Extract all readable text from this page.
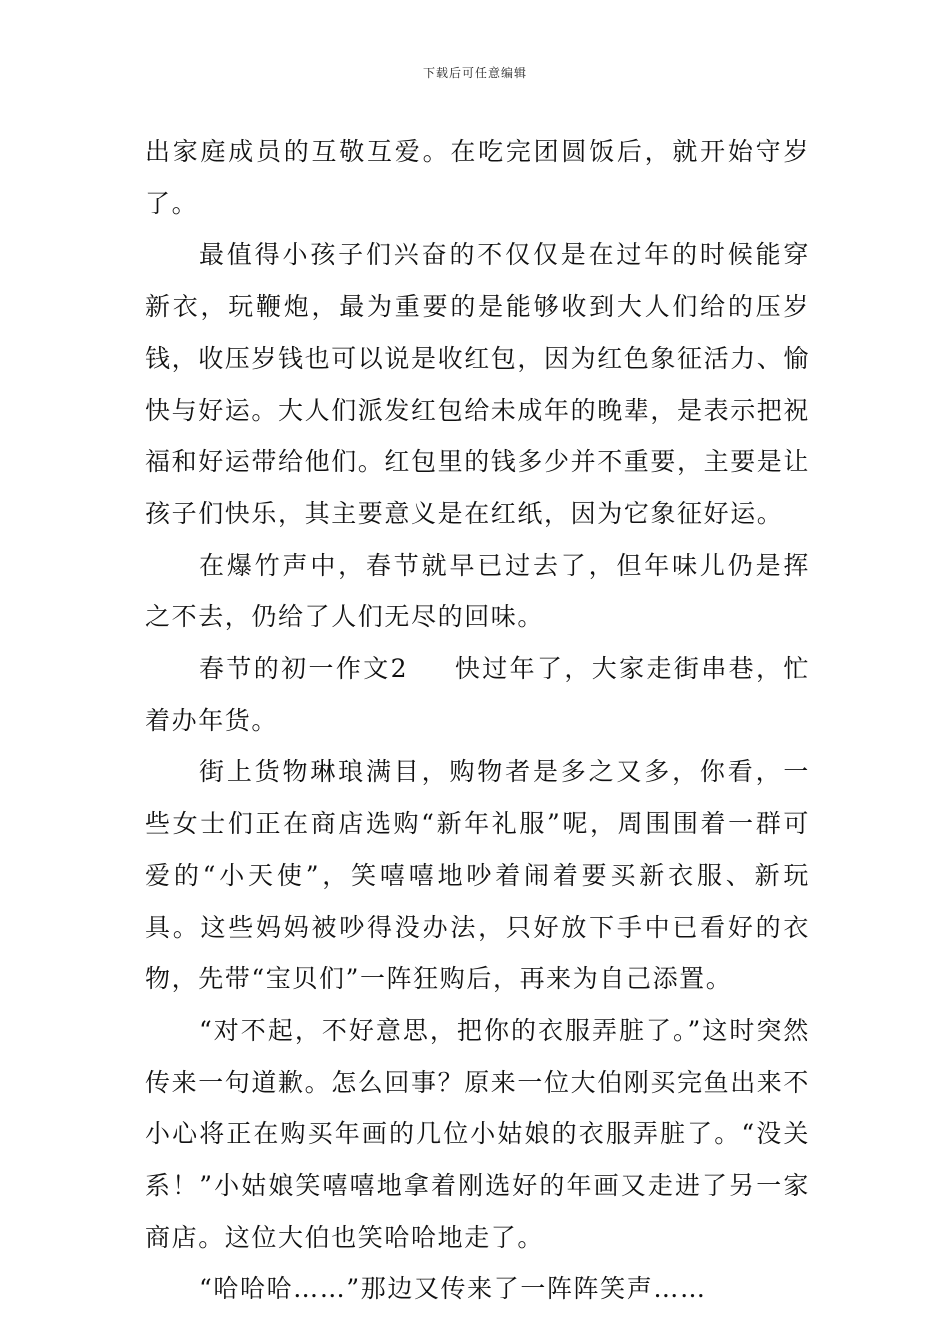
下载后可任意编辑

出家庭成员的互敬互爱。在吃完团圆饭后，就开始守岁了。

最值得小孩子们兴奋的不仅仅是在过年的时候能穿新衣，玩鞭炮，最为重要的是能够收到大人们给的压岁钱，收压岁钱也可以说是收红包，因为红色象征活力、愉快与好运。大人们派发红包给未成年的晚辈，是表示把祝福和好运带给他们。红包里的钱多少并不重要，主要是让孩子们快乐，其主要意义是在红纸，因为它象征好运。

在爆竹声中，春节就早已过去了，但年味儿仍是挥之不去，仍给了人们无尽的回味。

春节的初一作文2 快过年了，大家走街串巷，忙着办年货。

街上货物琳琅满目，购物者是多之又多，你看，一些女士们正在商店选购“新年礼服”呢，周围围着一群可爱的“小天使”，笑嘻嘻地吵着闹着要买新衣服、新玩具。这些妈妈被吵得没办法，只好放下手中已看好的衣物，先带“宝贝们”一阵狂购后，再来为自己添置。

“对不起，不好意思，把你的衣服弄脏了。”这时突然传来一句道歉。怎么回事？原来一位大伯刚买完鱼出来不小心将正在购买年画的几位小姑娘的衣服弄脏了。“没关系！”小姑娘笑嘻嘻地拿着刚选好的年画又走进了另一家商店。这位大伯也笑哈哈地走了。

“哈哈哈……”那边又传来了一阵阵笑声……
